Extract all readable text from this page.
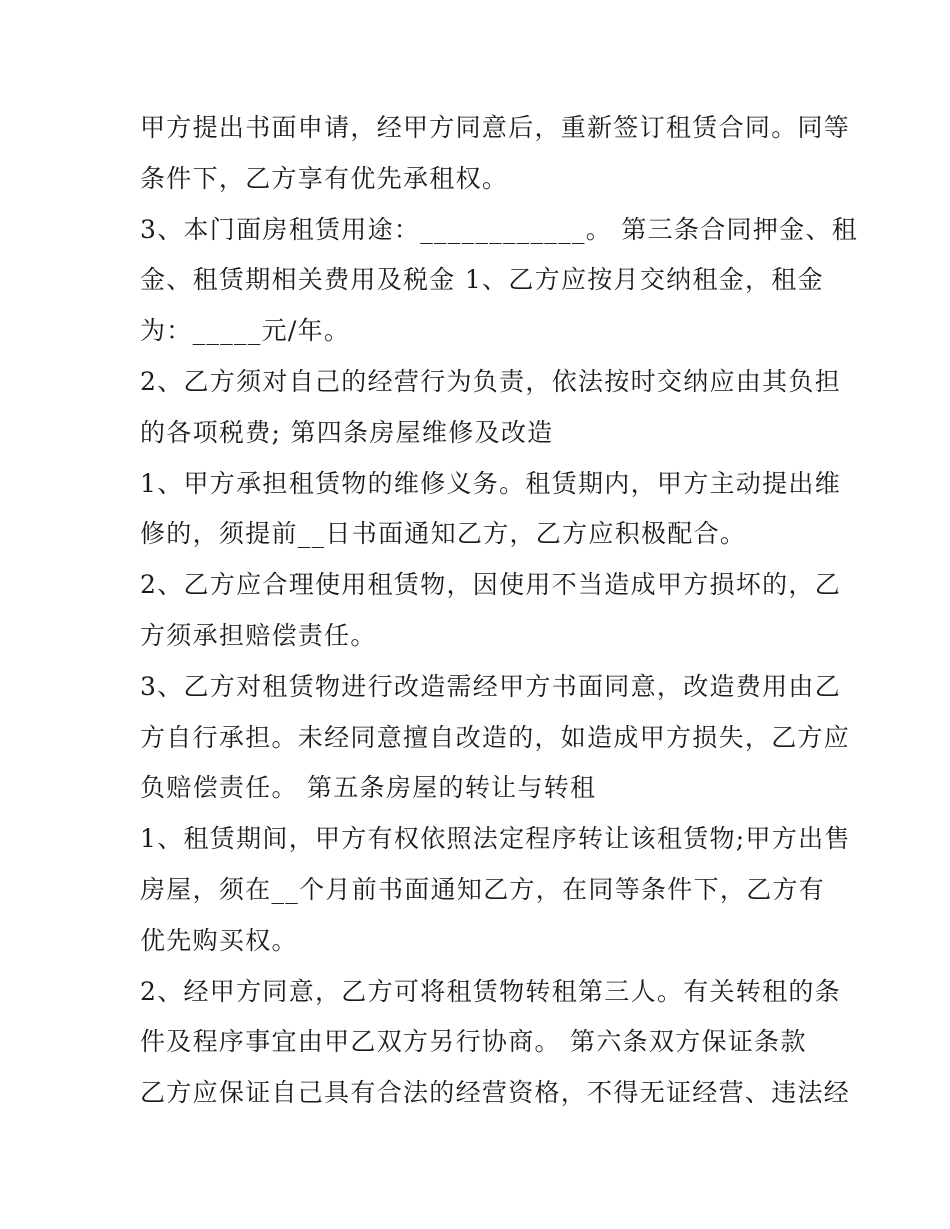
甲方提出书面申请，经甲方同意后，重新签订租赁合同。同等
条件下，乙方享有优先承租权。
3、本门面房租赁用途：____________。 第三条合同押金、租
金、租赁期相关费用及税金 1、乙方应按月交纳租金，租金
为：_____元/年。
2、乙方须对自己的经营行为负责，依法按时交纳应由其负担
的各项税费; 第四条房屋维修及改造
1、甲方承担租赁物的维修义务。租赁期内，甲方主动提出维
修的，须提前__日书面通知乙方，乙方应积极配合。
2、乙方应合理使用租赁物，因使用不当造成甲方损坏的，乙
方须承担赔偿责任。
3、乙方对租赁物进行改造需经甲方书面同意，改造费用由乙
方自行承担。未经同意擅自改造的，如造成甲方损失，乙方应
负赔偿责任。 第五条房屋的转让与转租
1、租赁期间，甲方有权依照法定程序转让该租赁物;甲方出售
房屋，须在__个月前书面通知乙方，在同等条件下，乙方有
优先购买权。
2、经甲方同意，乙方可将租赁物转租第三人。有关转租的条
件及程序事宜由甲乙双方另行协商。 第六条双方保证条款
乙方应保证自己具有合法的经营资格，不得无证经营、违法经
